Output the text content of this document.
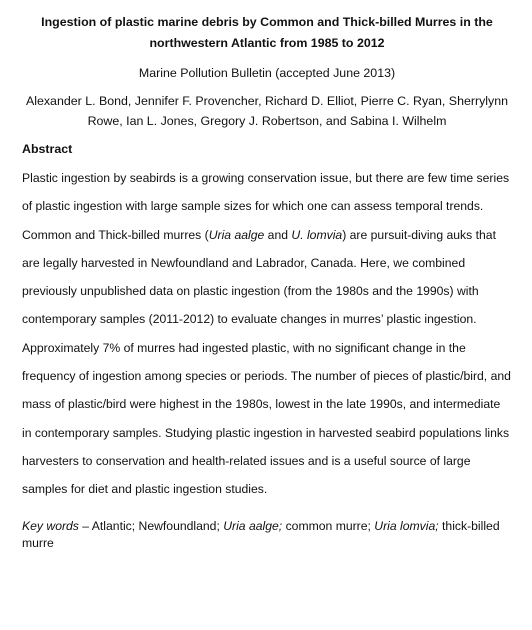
Ingestion of plastic marine debris by Common and Thick-billed Murres in the northwestern Atlantic from 1985 to 2012

Marine Pollution Bulletin (accepted June 2013)

Alexander L. Bond, Jennifer F. Provencher, Richard D. Elliot, Pierre C. Ryan, Sherrylynn Rowe, Ian L. Jones, Gregory J. Robertson, and Sabina I. Wilhelm

Abstract

Plastic ingestion by seabirds is a growing conservation issue, but there are few time series of plastic ingestion with large sample sizes for which one can assess temporal trends. Common and Thick-billed murres (Uria aalge and U. lomvia) are pursuit-diving auks that are legally harvested in Newfoundland and Labrador, Canada. Here, we combined previously unpublished data on plastic ingestion (from the 1980s and the 1990s) with contemporary samples (2011-2012) to evaluate changes in murres’ plastic ingestion. Approximately 7% of murres had ingested plastic, with no significant change in the frequency of ingestion among species or periods. The number of pieces of plastic/bird, and mass of plastic/bird were highest in the 1980s, lowest in the late 1990s, and intermediate in contemporary samples. Studying plastic ingestion in harvested seabird populations links harvesters to conservation and health-related issues and is a useful source of large samples for diet and plastic ingestion studies.

Key words – Atlantic; Newfoundland; Uria aalge; common murre; Uria lomvia; thick-billed murre
